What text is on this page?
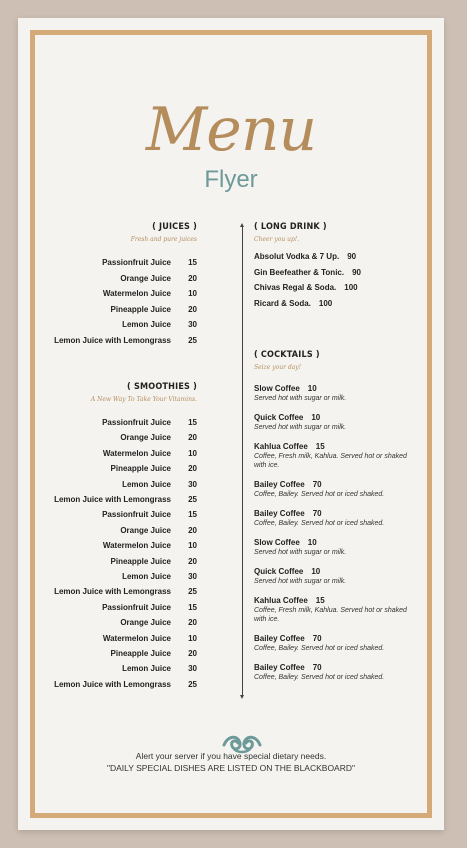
Menu
Flyer
( JUICES )
Fresh and pure juices
Passionfruit Juice 15
Orange Juice 20
Watermelon Juice 10
Pineapple Juice 20
Lemon Juice 30
Lemon Juice with Lemongrass 25
( SMOOTHIES )
A New Way To Take Your Vitamins.
Passionfruit Juice 15
Orange Juice 20
Watermelon Juice 10
Pineapple Juice 20
Lemon Juice 30
Lemon Juice with Lemongrass 25
Passionfruit Juice 15
Orange Juice 20
Watermelon Juice 10
Pineapple Juice 20
Lemon Juice 30
Lemon Juice with Lemongrass 25
Passionfruit Juice 15
Orange Juice 20
Watermelon Juice 10
Pineapple Juice 20
Lemon Juice 30
Lemon Juice with Lemongrass 25
( LONG DRINK )
Cheer you up!.
Absolut Vodka & 7 Up. 90
Gin Beefeather & Tonic. 90
Chivas Regal & Soda. 100
Ricard & Soda. 100
( COCKTAILS )
Seize your day!
Slow Coffee 10
Served hot with sugar or milk.
Quick Coffee 10
Served hot with sugar or milk.
Kahlua Coffee 15
Coffee, Fresh milk, Kahlua. Served hot or shaked with ice.
Bailey Coffee 70
Coffee, Bailey. Served hot or iced shaked.
Bailey Coffee 70
Coffee, Bailey. Served hot or iced shaked.
Slow Coffee 10
Served hot with sugar or milk.
Quick Coffee 10
Served hot with sugar or milk.
Kahlua Coffee 15
Coffee, Fresh milk, Kahlua. Served hot or shaked with ice.
Bailey Coffee 70
Coffee, Bailey. Served hot or iced shaked.
Bailey Coffee 70
Coffee, Bailey. Served hot or iced shaked.
Alert your server if you have special dietary needs.
"DAILY SPECIAL DISHES ARE LISTED ON THE BLACKBOARD"
